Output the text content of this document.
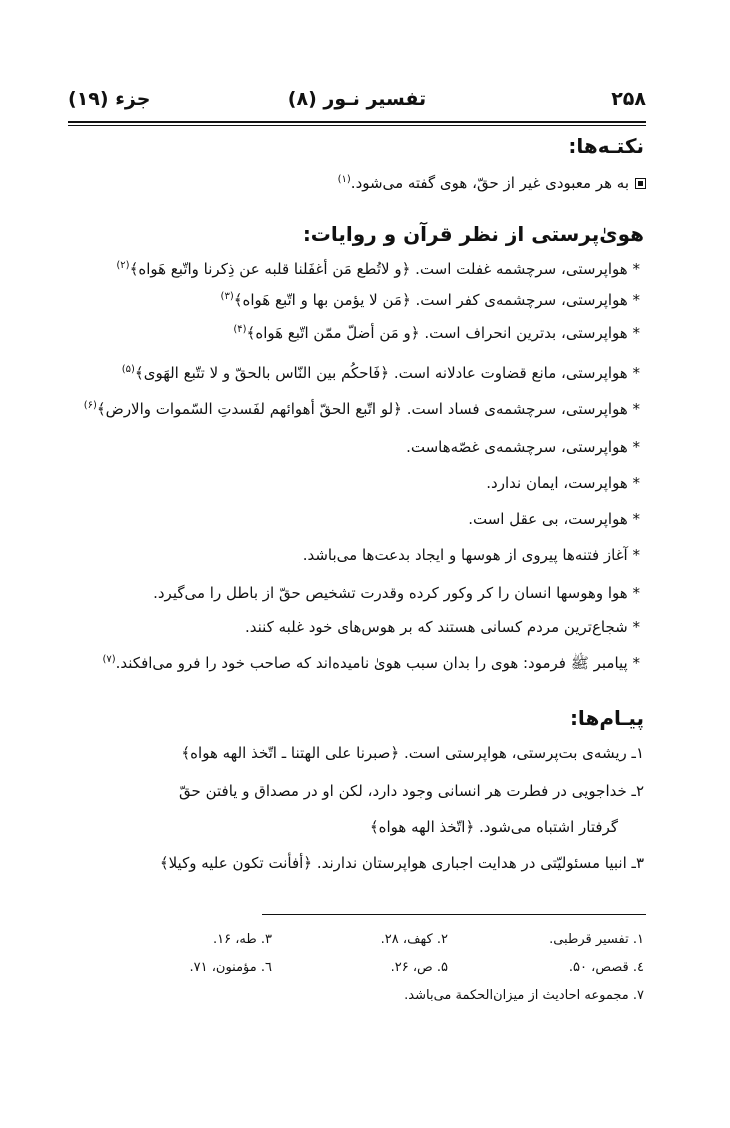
۲۵۸
تفسیر نـور (۸)
جزء (۱۹)
نکتـه‌ها:
به هر معبودی غیر از حقّ، هوی گفته می‌شود.$^{(۱)}$
هویٰ‌پرستی از نظر قرآن و روایات:
* هواپرستی، سرچشمه غفلت است. ﴿و لاتُطع مَن أغفَلنا قلبه عن ذِکرنا واتّبع هَواه﴾$^{(۲)}$
* هواپرستی، سرچشمه‌ی کفر است. ﴿مَن لا یؤمن بها و اتّبع هَواه﴾$^{(۳)}$
* هواپرستی، بدترین انحراف است. ﴿و مَن أضلّ ممّن اتّبع هَواه﴾$^{(۴)}$
* هواپرستی، مانع قضاوت عادلانه است. ﴿فَاحکُم بین النّاس بالحقّ و لا تتّبع الهَوی﴾$^{(۵)}$
* هواپرستی، سرچشمه‌ی فساد است. ﴿لو اتّبع الحقّ أهوائهم لفَسدتِ السّموات والارض﴾$^{(۶)}$
* هواپرستی، سرچشمه‌ی غصّه‌هاست.
* هواپرست، ایمان ندارد.
* هواپرست، بی عقل است.
* آغاز فتنه‌ها پیروی از هوسها و ایجاد بدعت‌ها می‌باشد.
* هوا وهوسها انسان را کر وکور کرده وقدرت تشخیص حقّ از باطل را می‌گیرد.
* شجاع‌ترین مردم کسانی هستند که بر هوس‌های خود غلبه کنند.
* پیامبر ﷺ فرمود: هوی را بدان سبب هویٰ نامیده‌اند که صاحب خود را فرو می‌افکند.$^{(۷)}$
پیـام‌ها:
۱ـ ریشه‌ی بت‌پرستی، هواپرستی است. ﴿صبرنا علی الهتنا ـ اتّخذ الهه هواه﴾
۲ـ خداجویی در فطرت هر انسانی وجود دارد، لکن او در مصداق و یافتن حقّ
گرفتار اشتباه می‌شود. ﴿اتّخذ الهه هواه﴾
۳ـ انبیا مسئولیّتی در هدایت اجباری هواپرستان ندارند. ﴿أفأنت تکون علیه وکیلا﴾
۱. تفسیر قرطبی.
۲. کهف، ۲۸.
۳. طه، ۱۶.
٤. قصص، ۵۰.
۵. ص، ۲۶.
٦. مؤمنون، ۷۱.
۷. مجموعه احادیث از میزان‌الحکمة می‌باشد.
